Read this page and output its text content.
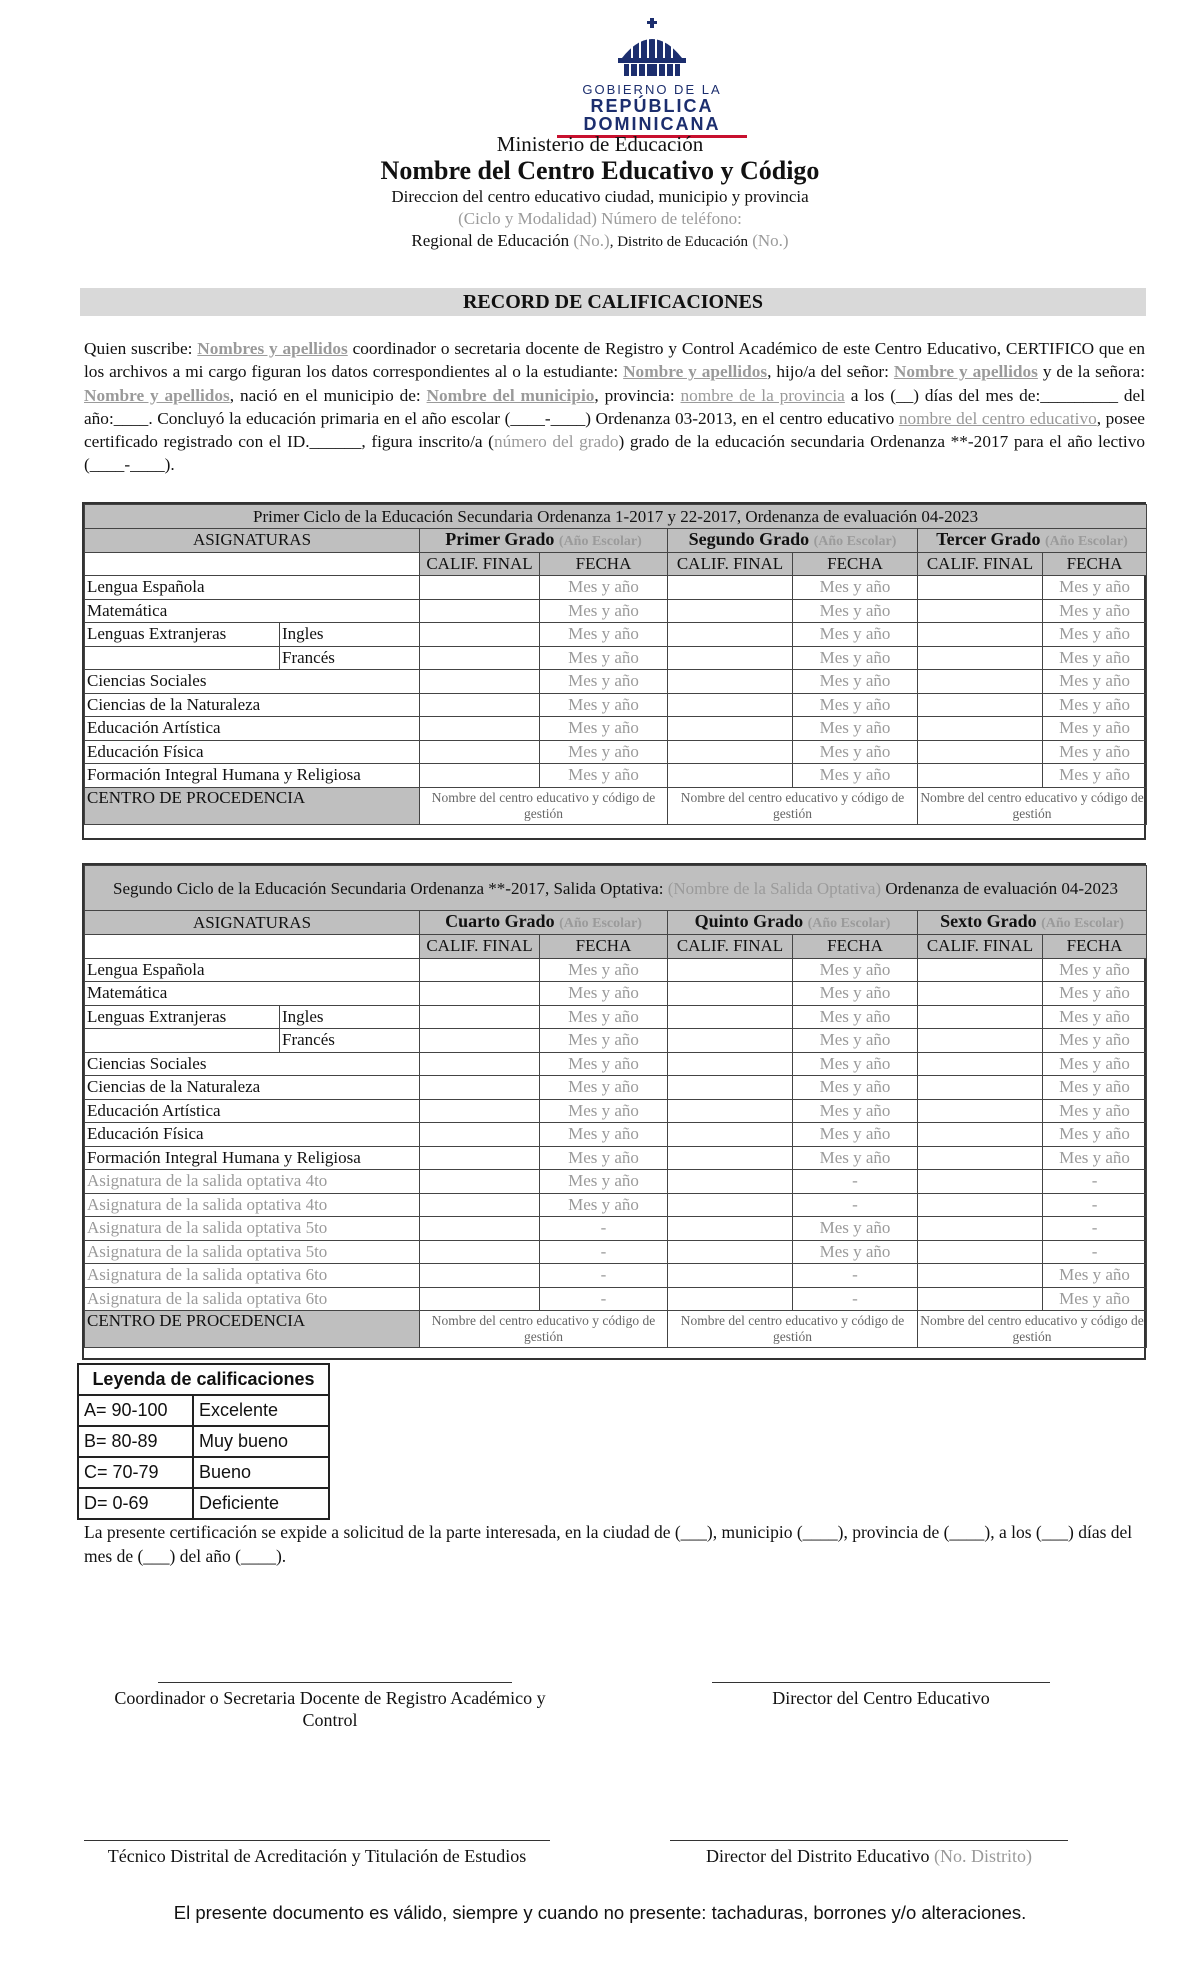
GOBIERNO DE LA
REPÚBLICA DOMINICANA
Ministerio de Educación
Nombre del Centro Educativo y Código
Direccion del centro educativo ciudad, municipio y provincia
(Ciclo y Modalidad) Número de teléfono:
Regional de Educación (No.), Distrito de Educación (No.)
RECORD DE CALIFICACIONES
Quien suscribe: Nombres y apellidos coordinador o secretaria docente de Registro y Control Académico de este Centro Educativo, CERTIFICO que en los archivos a mi cargo figuran los datos correspondientes al o la estudiante: Nombre y apellidos, hijo/a del señor: Nombre y apellidos y de la señora: Nombre y apellidos, nació en el municipio de: Nombre del municipio, provincia: nombre de la provincia a los (__) días del mes de:_________ del año:____. Concluyó la educación primaria en el año escolar (____-____) Ordenanza 03-2013, en el centro educativo nombre del centro educativo, posee certificado registrado con el ID.______, figura inscrito/a (número del grado) grado de la educación secundaria Ordenanza **-2017 para el año lectivo (____-____).
Primer Ciclo de la Educación Secundaria Ordenanza 1-2017 y 22-2017, Ordenanza de evaluación 04-2023							
ASIGNATURAS		Primer Grado (Año Escolar)		Segundo Grado (Año Escolar)		Tercer Grado (Año Escolar)	
		CALIF. FINAL	FECHA	CALIF. FINAL	FECHA	CALIF. FINAL	FECHA
Lengua Española			Mes y año		Mes y año		Mes y año
Matemática			Mes y año		Mes y año		Mes y año
Lenguas Extranjeras	Ingles		Mes y año		Mes y año		Mes y año
	Francés		Mes y año		Mes y año		Mes y año
Ciencias Sociales			Mes y año		Mes y año		Mes y año
Ciencias de la Naturaleza			Mes y año		Mes y año		Mes y año
Educación Artística			Mes y año		Mes y año		Mes y año
Educación Física			Mes y año		Mes y año		Mes y año
Formación Integral Humana y Religiosa			Mes y año		Mes y año		Mes y año
CENTRO DE PROCEDENCIA		Nombre del centro educativo y código de gestión		Nombre del centro educativo y código de gestión		Nombre del centro educativo y código de gestión	
Segundo Ciclo de la Educación Secundaria Ordenanza **-2017, Salida Optativa: (Nombre de la Salida Optativa) Ordenanza de evaluación 04-2023							
ASIGNATURAS		Cuarto Grado (Año Escolar)		Quinto Grado (Año Escolar)		Sexto Grado (Año Escolar)	
		CALIF. FINAL	FECHA	CALIF. FINAL	FECHA	CALIF. FINAL	FECHA
Lengua Española			Mes y año		Mes y año		Mes y año
Matemática			Mes y año		Mes y año		Mes y año
Lenguas Extranjeras	Ingles		Mes y año		Mes y año		Mes y año
	Francés		Mes y año		Mes y año		Mes y año
Ciencias Sociales			Mes y año		Mes y año		Mes y año
Ciencias de la Naturaleza			Mes y año		Mes y año		Mes y año
Educación Artística			Mes y año		Mes y año		Mes y año
Educación Física			Mes y año		Mes y año		Mes y año
Formación Integral Humana y Religiosa			Mes y año		Mes y año		Mes y año
Asignatura de la salida optativa 4to			Mes y año		-		-
Asignatura de la salida optativa 4to			Mes y año		-		-
Asignatura de la salida optativa 5to			-		Mes y año		-
Asignatura de la salida optativa 5to			-		Mes y año		-
Asignatura de la salida optativa 6to			-		-		Mes y año
Asignatura de la salida optativa 6to			-		-		Mes y año
CENTRO DE PROCEDENCIA		Nombre del centro educativo y código de gestión		Nombre del centro educativo y código de gestión		Nombre del centro educativo y código de gestión	
Leyenda de calificaciones	
A= 90-100	Excelente
B= 80-89	Muy bueno
C= 70-79	Bueno
D= 0-69	Deficiente
La presente certificación se expide a solicitud de la parte interesada, en la ciudad de (___), municipio (____), provincia de (____), a los (___) días del mes de (___) del año (____).
Coordinador o Secretaria Docente de Registro Académico y Control
Director del Centro Educativo
Técnico Distrital de Acreditación y Titulación de Estudios	Director del Distrito Educativo (No. Distrito)
El presente documento es válido, siempre y cuando no presente: tachaduras, borrones y/o alteraciones.
